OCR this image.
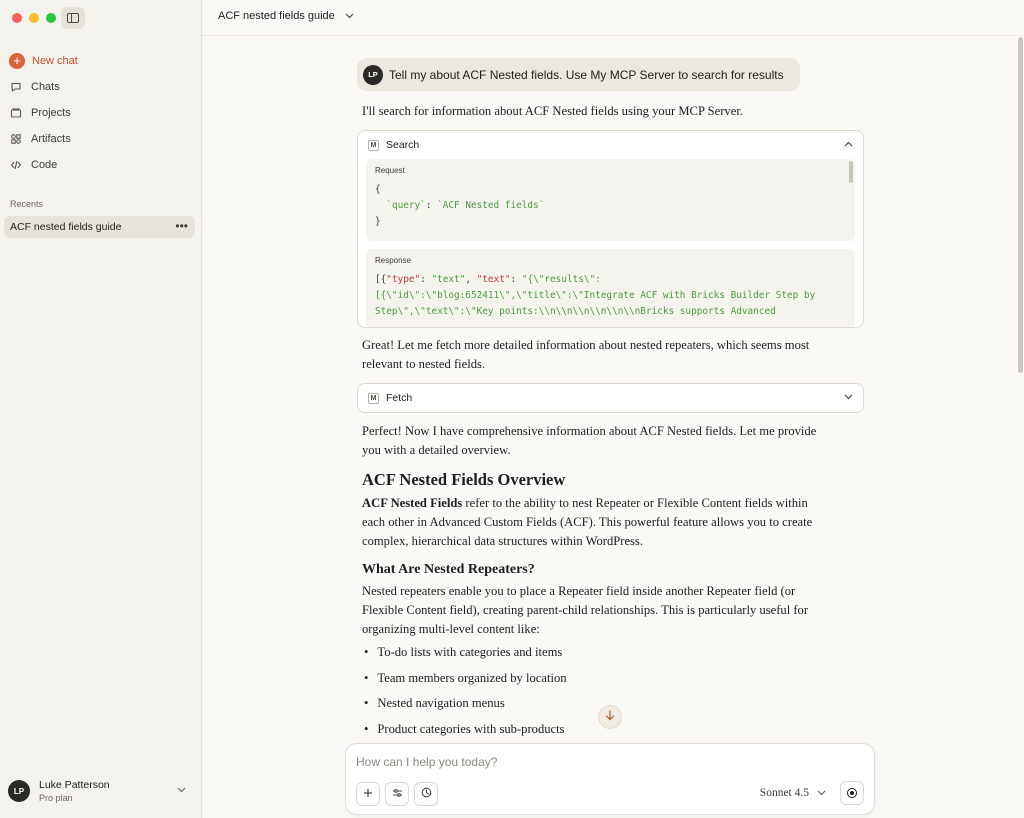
+	New chat
Chats
Projects
Artifacts
Code
Recents
ACF nested fields guide	•••
LP	Luke Patterson
Pro plan
ACF nested fields guide
LP Tell my about ACF Nested fields. Use My MCP Server to search for results
I'll search for information about ACF Nested fields using your MCP Server.
M Search
Request
{
`query`: `ACF Nested fields`
}
Response
[{"type": "text", "text": "{\"results\":
[{\"id\":\"blog:652411\",\"title\":\"Integrate ACF with Bricks Builder Step by
Step\",\"text\":\"Key points:\\n\\n\\n\\n\\n\\nBricks supports Advanced
Great! Let me fetch more detailed information about nested repeaters, which seems most relevant to nested fields.
M Fetch
Perfect! Now I have comprehensive information about ACF Nested fields. Let me provide you with a detailed overview.
ACF Nested Fields Overview
ACF Nested Fields refer to the ability to nest Repeater or Flexible Content fields within each other in Advanced Custom Fields (ACF). This powerful feature allows you to create complex, hierarchical data structures within WordPress.
What Are Nested Repeaters?
Nested repeaters enable you to place a Repeater field inside another Repeater field (or Flexible Content field), creating parent-child relationships. This is particularly useful for organizing multi-level content like:
• To-do lists with categories and items
• Team members organized by location
• Nested navigation menus
• Product categories with sub-products
How can I help you today?
Sonnet 4.5
